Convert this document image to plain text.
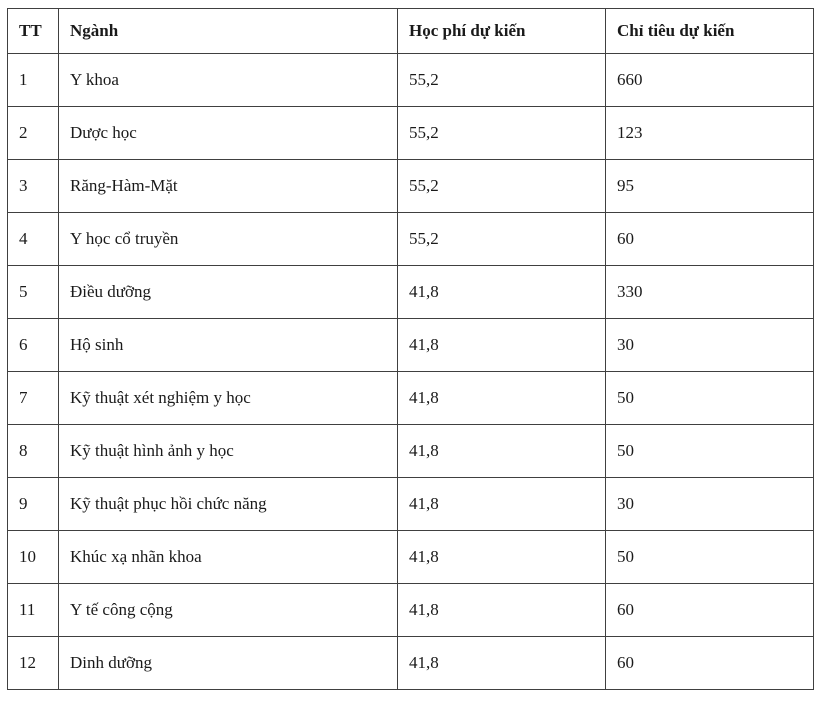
TT	Ngành	Học phí dự kiến	Chỉ tiêu dự kiến
1	Y khoa	55,2	660
2	Dược học	55,2	123
3	Răng-Hàm-Mặt	55,2	95
4	Y học cổ truyền	55,2	60
5	Điều dưỡng	41,8	330
6	Hộ sinh	41,8	30
7	Kỹ thuật xét nghiệm y học	41,8	50
8	Kỹ thuật hình ảnh y học	41,8	50
9	Kỹ thuật phục hồi chức năng	41,8	30
10	Khúc xạ nhãn khoa	41,8	50
11	Y tế công cộng	41,8	60
12	Dinh dưỡng	41,8	60
